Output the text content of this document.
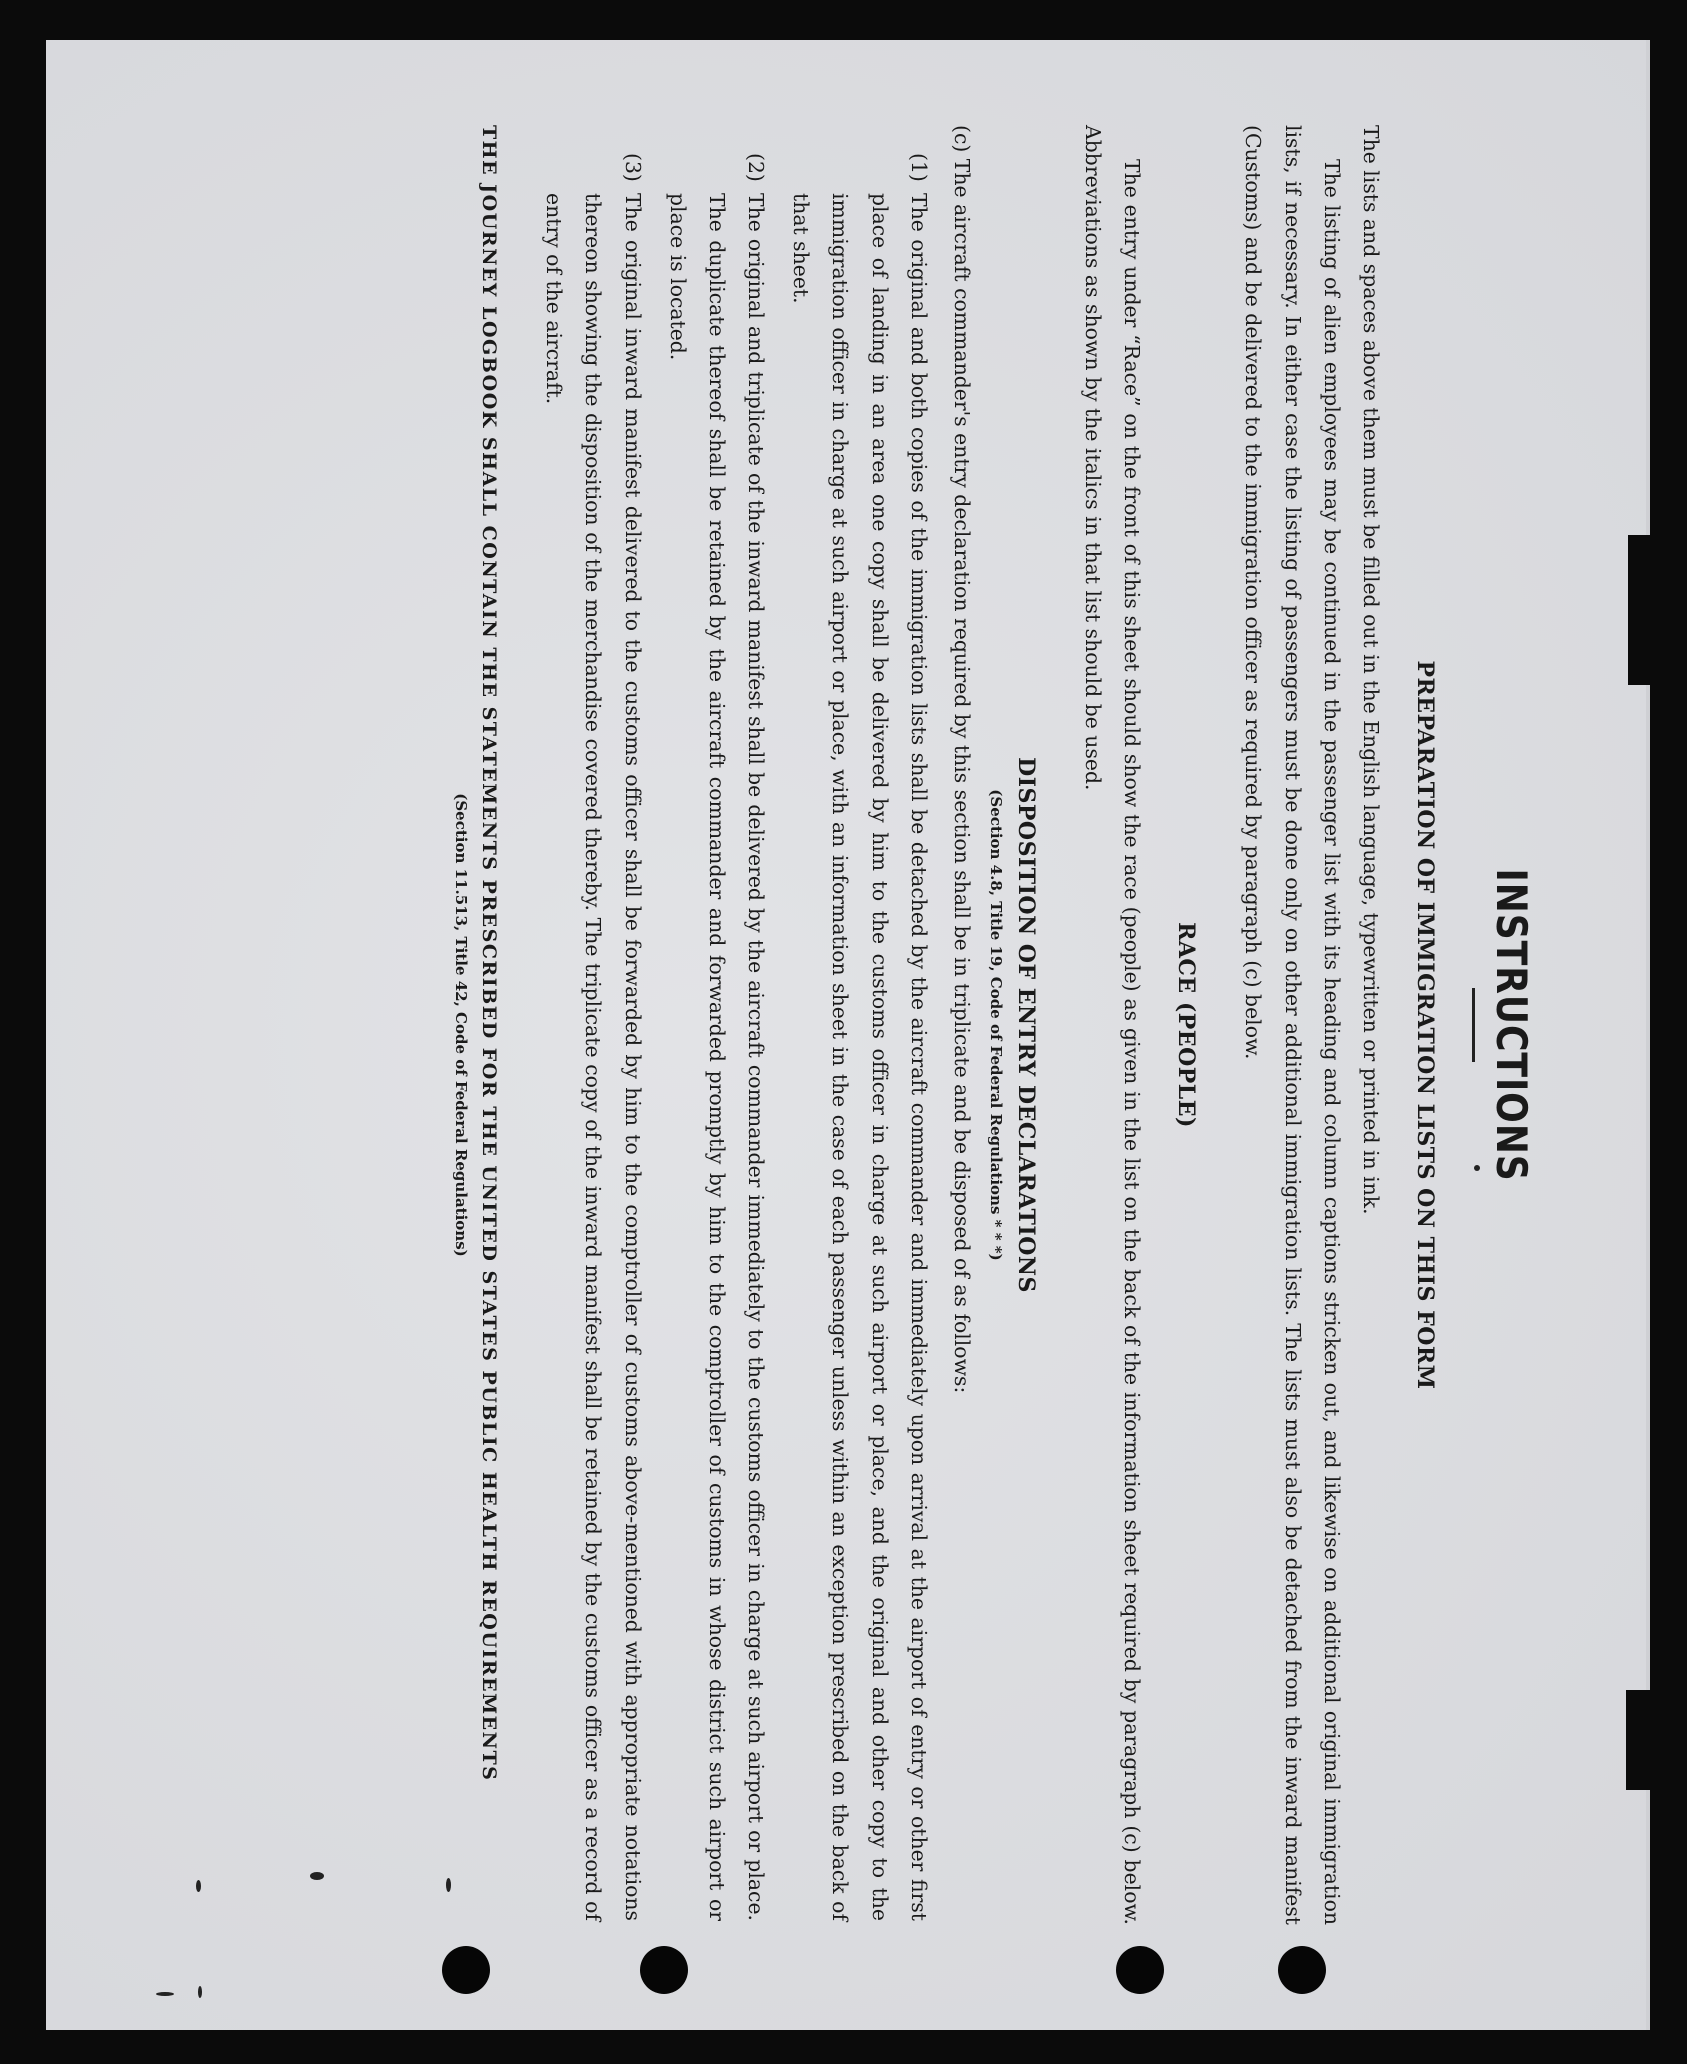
INSTRUCTIONS
PREPARATION OF IMMIGRATION LISTS ON THIS FORM

The lists and spaces above them must be filled out in the English language, typewritten or printed in ink.

The listing of alien employees may be continued in the passenger list with its heading and column captions stricken out, and likewise on additional original immigration lists, if necessary. In either case the listing of passengers must be done only on other additional immigration lists. The lists must also be detached from the inward manifest (Customs) and be delivered to the immigration officer as required by paragraph (c) below.

RACE (PEOPLE)

The entry under “Race” on the front of this sheet should show the race (people) as given in the list on the back of the information sheet required by paragraph (c) below. Abbreviations as shown by the italics in that list should be used.

DISPOSITION OF ENTRY DECLARATIONS
(Section 4.8, Title 19, Code of Federal Regulations * * *)

(c) The aircraft commander's entry declaration required by this section shall be in triplicate and be disposed of as follows:

(1)
The original and both copies of the immigration lists shall be detached by the aircraft commander and immediately upon arrival at the airport of entry or other first place of landing in an area one copy shall be delivered by him to the customs officer in charge at such airport or place, and the original and other copy to the immigration officer in charge at such airport or place, with an information sheet in the case of each passenger unless within an exception prescribed on the back of that sheet.
(2)
The original and triplicate of the inward manifest shall be delivered by the aircraft commander immediately to the customs officer in charge at such airport or place. The duplicate thereof shall be retained by the aircraft commander and forwarded promptly by him to the comptroller of customs in whose district such airport or place is located.
(3)
The original inward manifest delivered to the customs officer shall be forwarded by him to the comptroller of customs above-mentioned with appropriate notations thereon showing the disposition of the merchandise covered thereby. The triplicate copy of the inward manifest shall be retained by the customs officer as a record of entry of the aircraft.
THE JOURNEY LOGBOOK SHALL CONTAIN THE STATEMENTS PRESCRIBED FOR THE UNITED STATES PUBLIC HEALTH REQUIREMENTS
(Section 11.513, Title 42, Code of Federal Regulations)
